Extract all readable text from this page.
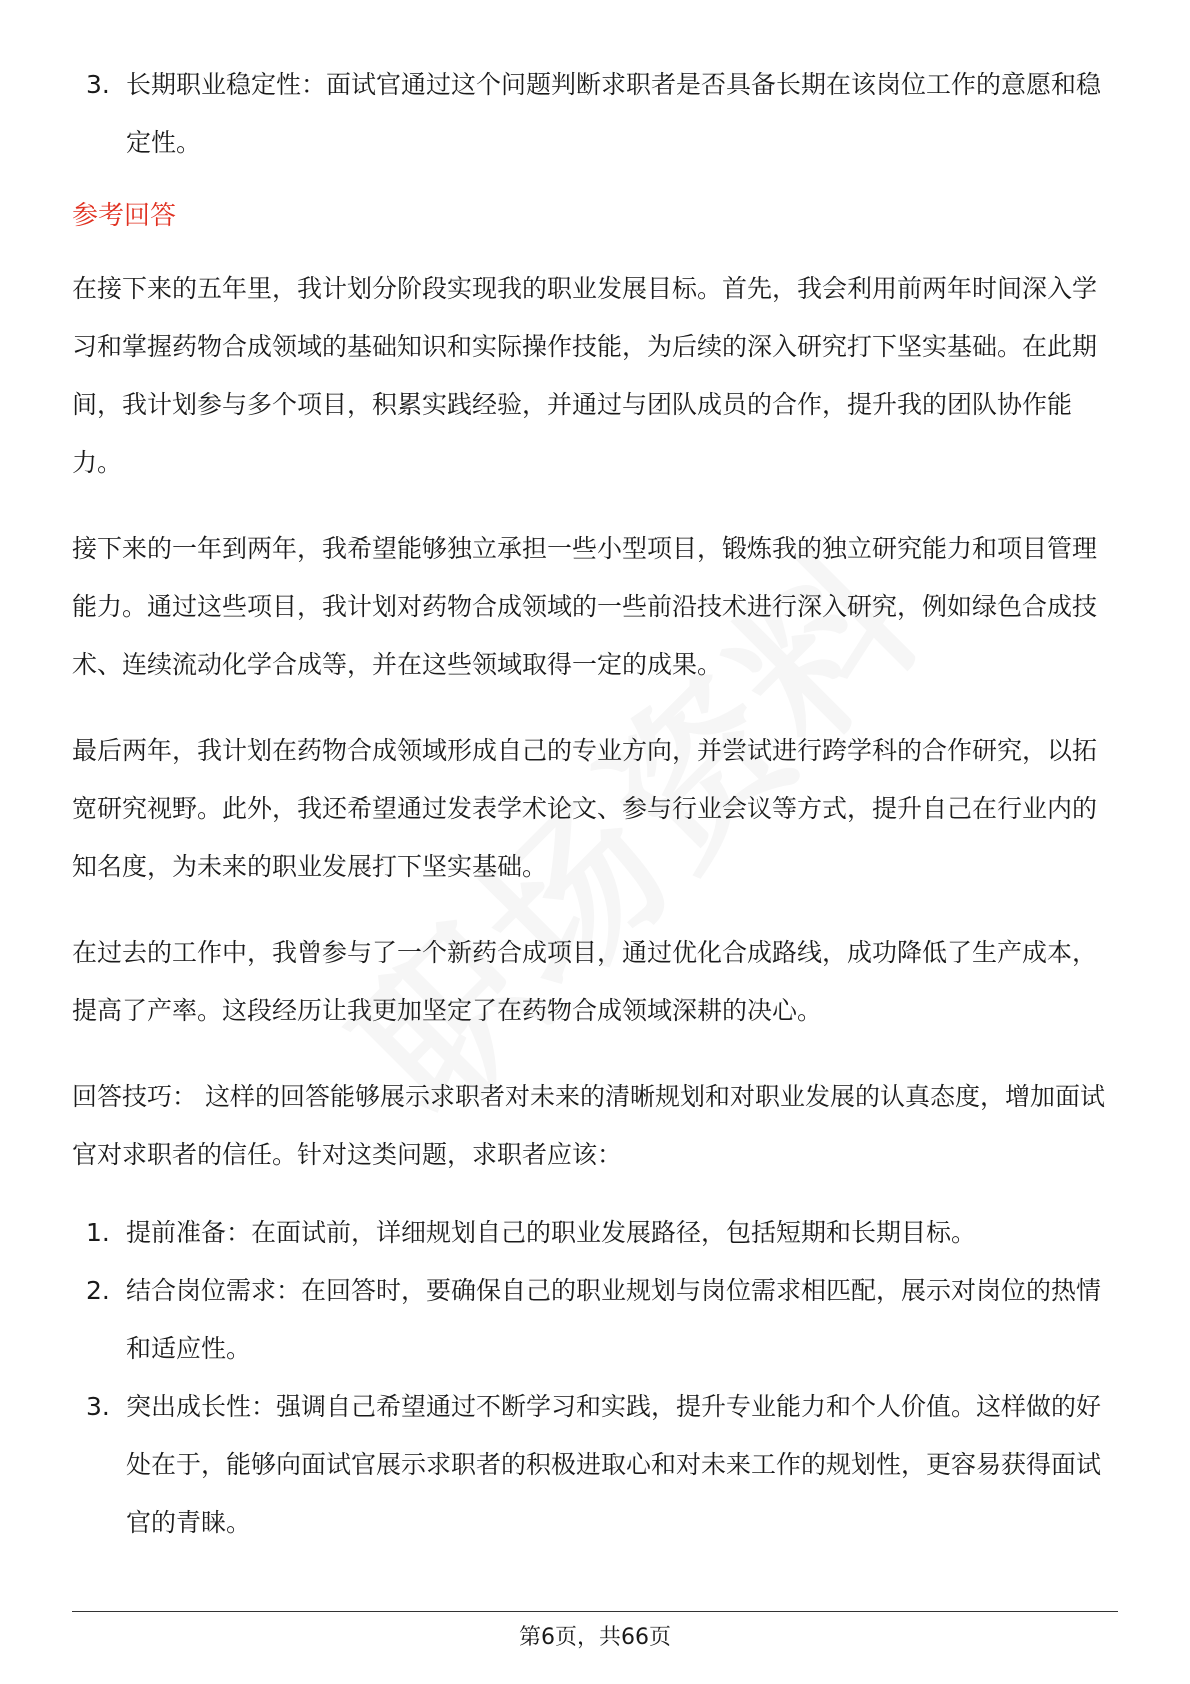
3. 长期职业稳定性：面试官通过这个问题判断求职者是否具备长期在该岗位工作的意愿和稳定性。
参考回答

在接下来的五年里，我计划分阶段实现我的职业发展目标。首先，我会利用前两年时间深入学习和掌握药物合成领域的基础知识和实际操作技能，为后续的深入研究打下坚实基础。在此期间，我计划参与多个项目，积累实践经验，并通过与团队成员的合作，提升我的团队协作能力。

接下来的一年到两年，我希望能够独立承担一些小型项目，锻炼我的独立研究能力和项目管理能力。通过这些项目，我计划对药物合成领域的一些前沿技术进行深入研究，例如绿色合成技术、连续流动化学合成等，并在这些领域取得一定的成果。

最后两年，我计划在药物合成领域形成自己的专业方向，并尝试进行跨学科的合作研究，以拓宽研究视野。此外，我还希望通过发表学术论文、参与行业会议等方式，提升自己在行业内的知名度，为未来的职业发展打下坚实基础。

在过去的工作中，我曾参与了一个新药合成项目，通过优化合成路线，成功降低了生产成本，提高了产率。这段经历让我更加坚定了在药物合成领域深耕的决心。

回答技巧： 这样的回答能够展示求职者对未来的清晰规划和对职业发展的认真态度，增加面试官对求职者的信任。针对这类问题，求职者应该：

1. 提前准备：在面试前，详细规划自己的职业发展路径，包括短期和长期目标。
2. 结合岗位需求：在回答时，要确保自己的职业规划与岗位需求相匹配，展示对岗位的热情和适应性。
3. 突出成长性：强调自己希望通过不断学习和实践，提升专业能力和个人价值。这样做的好处在于，能够向面试官展示求职者的积极进取心和对未来工作的规划性，更容易获得面试官的青睐。
第6页，共66页
